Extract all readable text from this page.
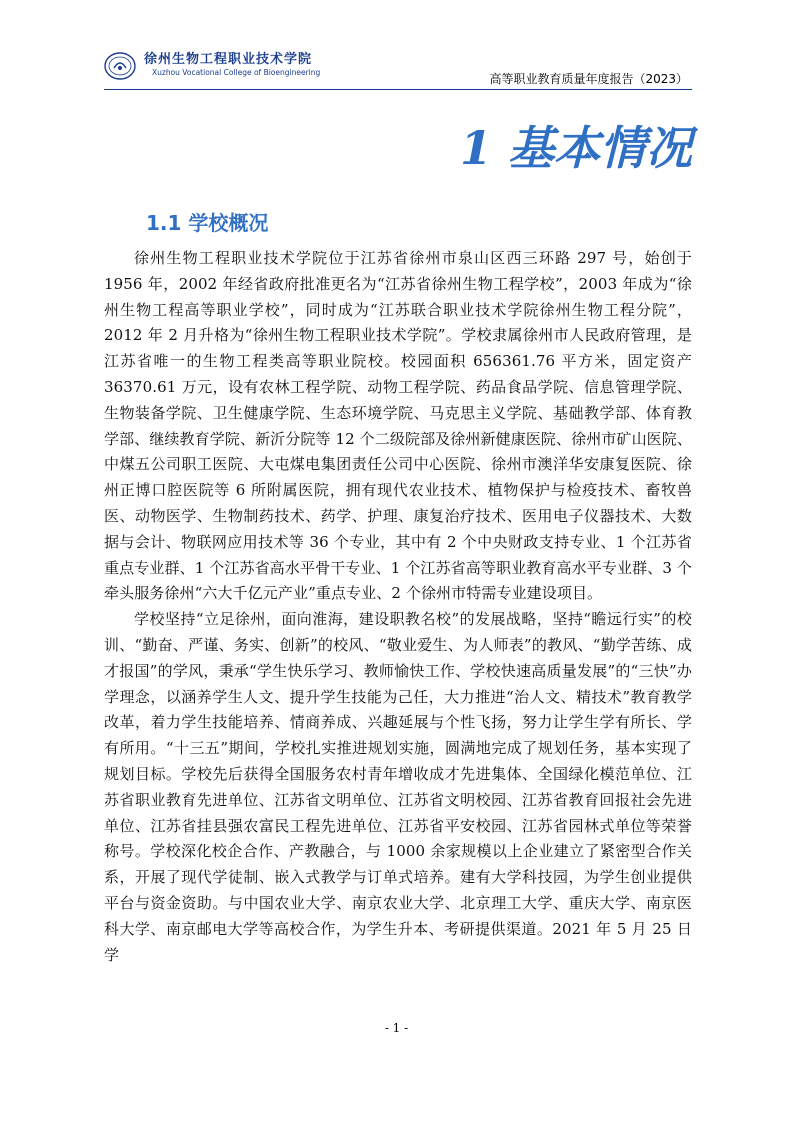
徐州生物工程职业技术学院
Xuzhou Vocational College of Bioengineering	高等职业教育质量年度报告（2023）
1 基本情况
1.1 学校概况

徐州生物工程职业技术学院位于江苏省徐州市泉山区西三环路 297 号，始创于 1956 年，2002 年经省政府批准更名为“江苏省徐州生物工程学校”，2003 年成为“徐州生物工程高等职业学校”，同时成为“江苏联合职业技术学院徐州生物工程分院”，2012 年 2 月升格为“徐州生物工程职业技术学院”。学校隶属徐州市人民政府管理，是江苏省唯一的生物工程类高等职业院校。校园面积 656361.76 平方米，固定资产 36370.61 万元，设有农林工程学院、动物工程学院、药品食品学院、信息管理学院、生物装备学院、卫生健康学院、生态环境学院、马克思主义学院、基础教学部、体育教学部、继续教育学院、新沂分院等 12 个二级院部及徐州新健康医院、徐州市矿山医院、中煤五公司职工医院、大屯煤电集团责任公司中心医院、徐州市澳洋华安康复医院、徐州正博口腔医院等 6 所附属医院，拥有现代农业技术、植物保护与检疫技术、畜牧兽医、动物医学、生物制药技术、药学、护理、康复治疗技术、医用电子仪器技术、大数据与会计、物联网应用技术等 36 个专业，其中有 2 个中央财政支持专业、1 个江苏省重点专业群、1 个江苏省高水平骨干专业、1 个江苏省高等职业教育高水平专业群、3 个牵头服务徐州“六大千亿元产业”重点专业、2 个徐州市特需专业建设项目。

学校坚持“立足徐州，面向淮海，建设职教名校”的发展战略，坚持“瞻远行实”的校训、“勤奋、严谨、务实、创新”的校风、“敬业爱生、为人师表”的教风、“勤学苦练、成才报国”的学风，秉承“学生快乐学习、教师愉快工作、学校快速高质量发展”的“三快”办学理念，以涵养学生人文、提升学生技能为己任，大力推进“治人文、精技术”教育教学改革，着力学生技能培养、情商养成、兴趣延展与个性飞扬，努力让学生学有所长、学有所用。“十三五”期间，学校扎实推进规划实施，圆满地完成了规划任务，基本实现了规划目标。学校先后获得全国服务农村青年增收成才先进集体、全国绿化模范单位、江苏省职业教育先进单位、江苏省文明单位、江苏省文明校园、江苏省教育回报社会先进单位、江苏省挂县强农富民工程先进单位、江苏省平安校园、江苏省园林式单位等荣誉称号。学校深化校企合作、产教融合，与 1000 余家规模以上企业建立了紧密型合作关系，开展了现代学徒制、嵌入式教学与订单式培养。建有大学科技园，为学生创业提供平台与资金资助。与中国农业大学、南京农业大学、北京理工大学、重庆大学、南京医科大学、南京邮电大学等高校合作，为学生升本、考研提供渠道。2021 年 5 月 25 日学

- 1 -
